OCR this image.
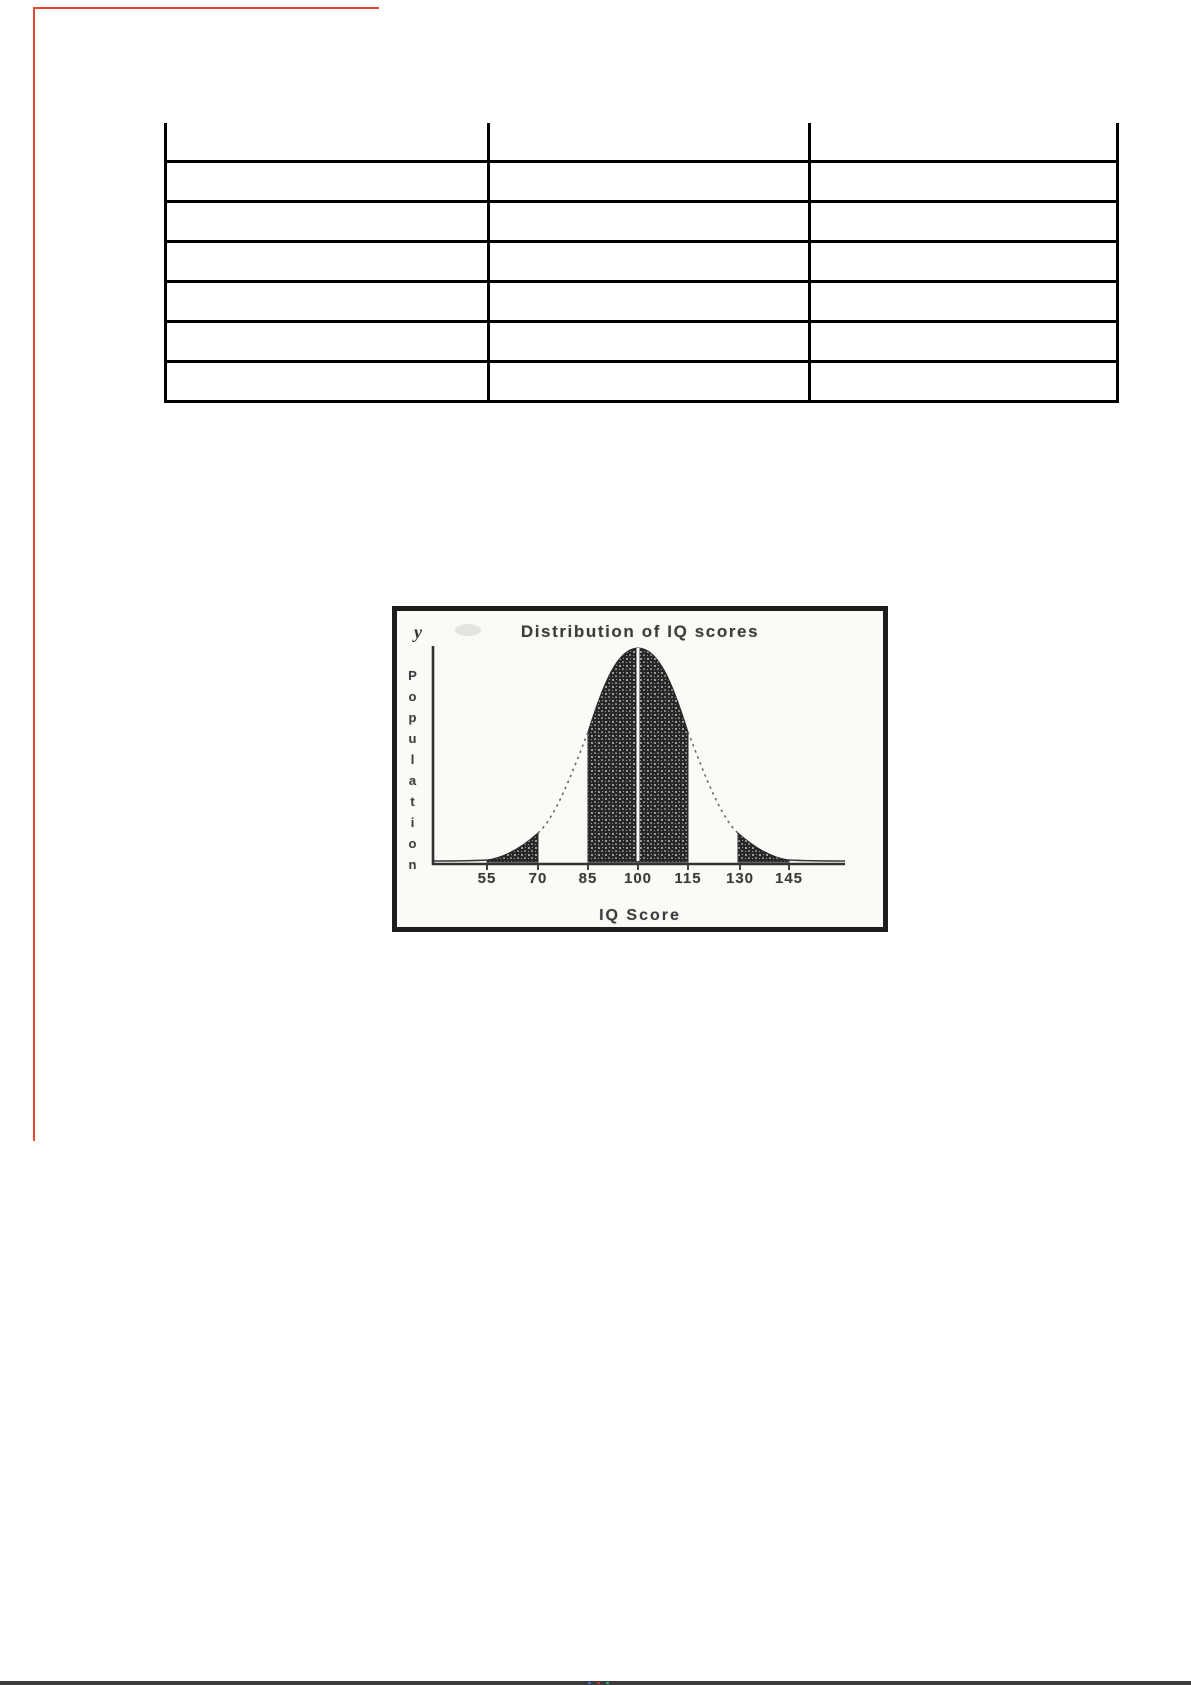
Distribution of IQ scores
y
Population
55	70	85	100	115	130	145
IQ Score
